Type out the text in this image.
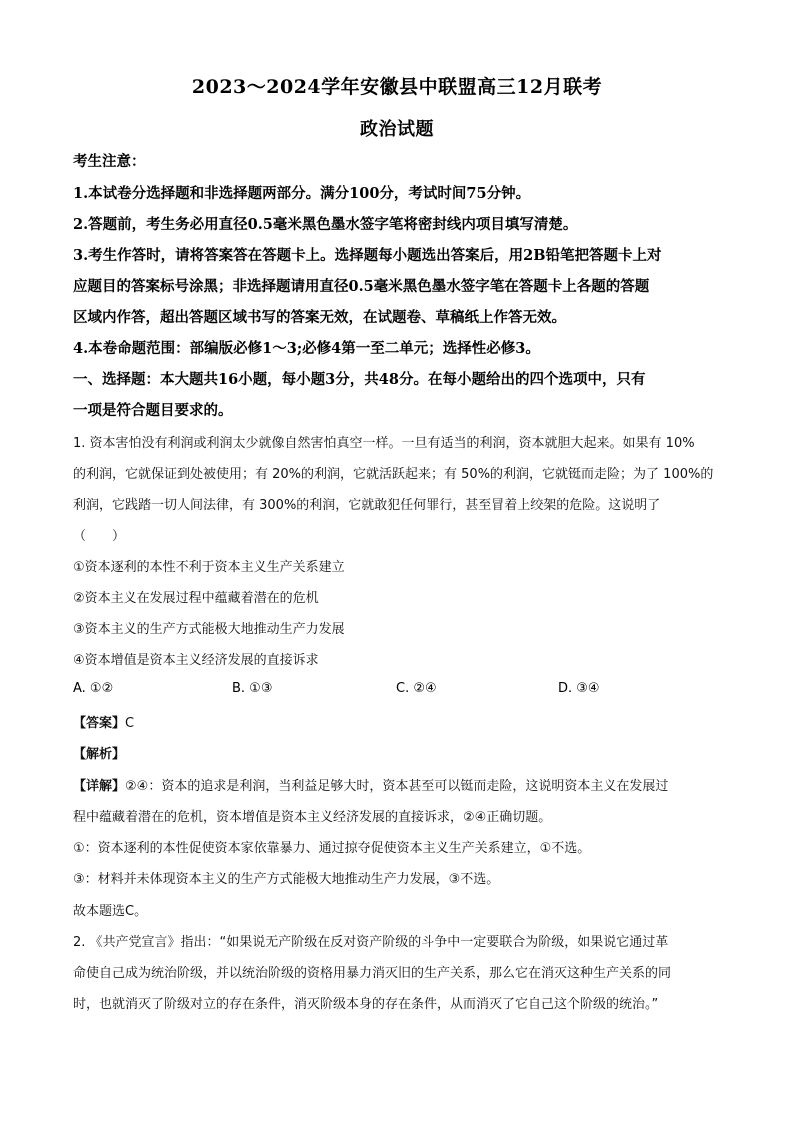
2023～2024学年安徽县中联盟高三12月联考
政治试题
考生注意：
1.本试卷分选择题和非选择题两部分。满分100分，考试时间75分钟。
2.答题前，考生务必用直径0.5毫米黑色墨水签字笔将密封线内项目填写清楚。
3.考生作答时，请将答案答在答题卡上。选择题每小题选出答案后，用2B铅笔把答题卡上对
应题目的答案标号涂黑；非选择题请用直径0.5毫米黑色墨水签字笔在答题卡上各题的答题
区域内作答，超出答题区域书写的答案无效，在试题卷、草稿纸上作答无效。
4.本卷命题范围：部编版必修1～3;必修4第一至二单元；选择性必修3。
一、选择题：本大题共16小题，每小题3分，共48分。在每小题给出的四个选项中，只有
一项是符合题目要求的。
1. 资本害怕没有利润或利润太少就像自然害怕真空一样。一旦有适当的利润，资本就胆大起来。如果有 10%
的利润，它就保证到处被使用；有 20%的利润，它就活跃起来；有 50%的利润，它就铤而走险；为了 100%的
利润，它践踏一切人间法律，有 300%的利润，它就敢犯任何罪行，甚至冒着上绞架的危险。这说明了
（　　）
①资本逐利的本性不利于资本主义生产关系建立
②资本主义在发展过程中蕴藏着潜在的危机
③资本主义的生产方式能极大地推动生产力发展
④资本增值是资本主义经济发展的直接诉求
A. ①②	B. ①③	C. ②④	D. ③④
【答案】C
【解析】
【详解】②④：资本的追求是利润，当利益足够大时，资本甚至可以铤而走险，这说明资本主义在发展过
程中蕴藏着潜在的危机，资本增值是资本主义经济发展的直接诉求，②④正确切题。
①：资本逐利的本性促使资本家依靠暴力、通过掠夺促使资本主义生产关系建立，①不选。
③：材料并未体现资本主义的生产方式能极大地推动生产力发展，③不选。
故本题选C。
2. 《共产党宣言》指出：“如果说无产阶级在反对资产阶级的斗争中一定要联合为阶级，如果说它通过革
命使自己成为统治阶级，并以统治阶级的资格用暴力消灭旧的生产关系，那么它在消灭这种生产关系的同
时，也就消灭了阶级对立的存在条件，消灭阶级本身的存在条件，从而消灭了它自己这个阶级的统治。”
